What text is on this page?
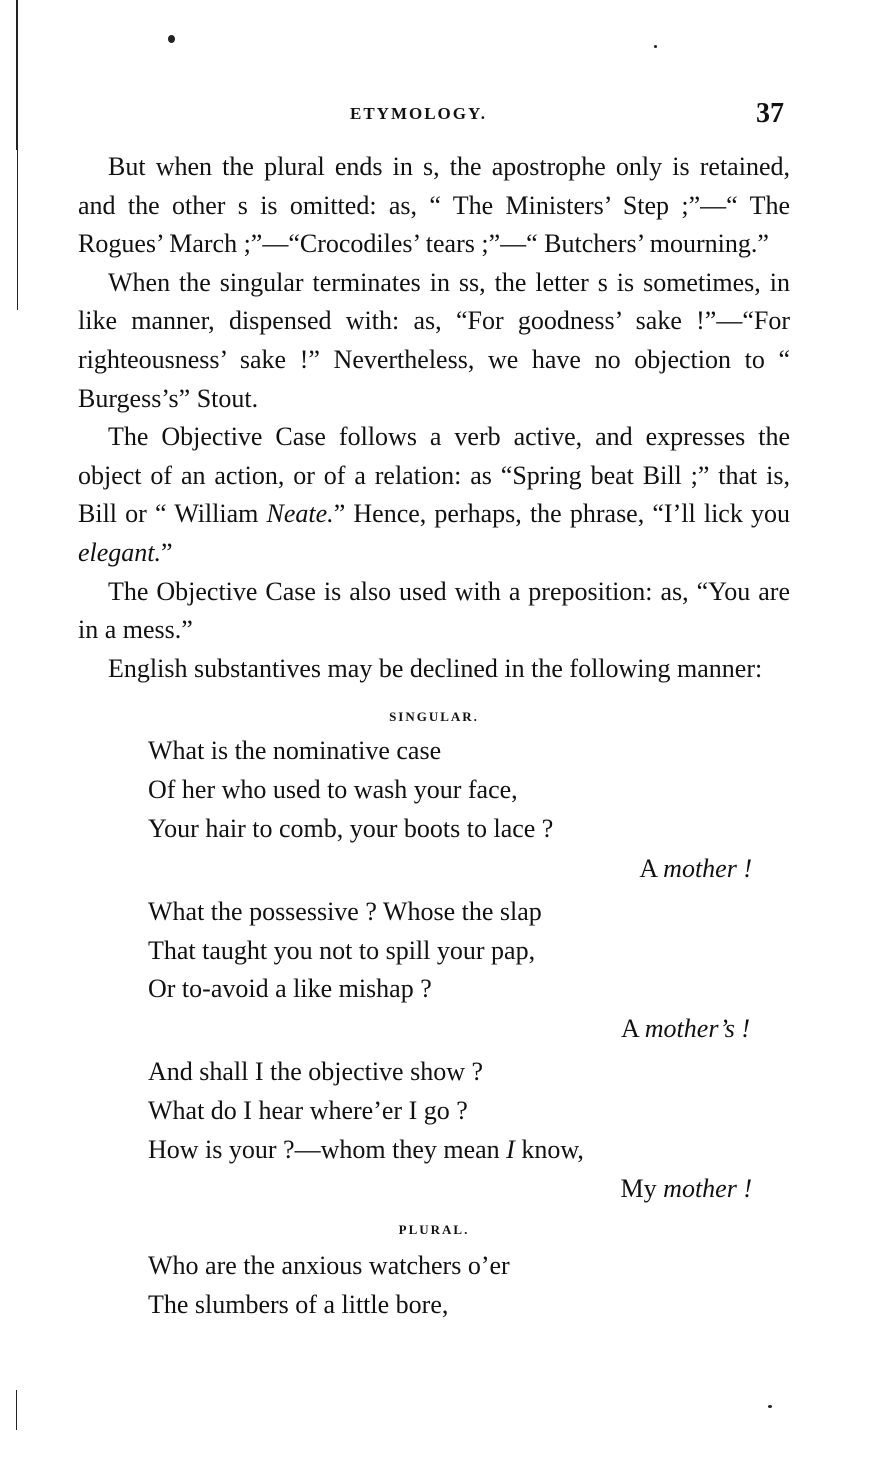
ETYMOLOGY.	37

But when the plural ends in s, the apostrophe only is retained, and the other s is omitted: as, “ The Ministers’ Step ;”—“ The Rogues’ March ;”—“Crocodiles’ tears ;”—“ Butchers’ mourning.”

When the singular terminates in ss, the letter s is sometimes, in like manner, dispensed with: as, “For goodness’ sake !”—“For righteousness’ sake !” Nevertheless, we have no objection to “ Burgess’s” Stout.

The Objective Case follows a verb active, and expresses the object of an action, or of a relation: as “Spring beat Bill ;” that is, Bill or “ William Neate.” Hence, perhaps, the phrase, “I’ll lick you elegant.”

The Objective Case is also used with a preposition: as, “You are in a mess.”

English substantives may be declined in the following manner:

SINGULAR.
What is the nominative case
Of her who used to wash your face,
Your hair to comb, your boots to lace ?
A mother !
What the possessive ? Whose the slap
That taught you not to spill your pap,
Or to-avoid a like mishap ?
A mother’s !
And shall I the objective show ?
What do I hear where’er I go ?
How is your ?—whom they mean I know,
My mother !
PLURAL.
Who are the anxious watchers o’er
The slumbers of a little bore,
